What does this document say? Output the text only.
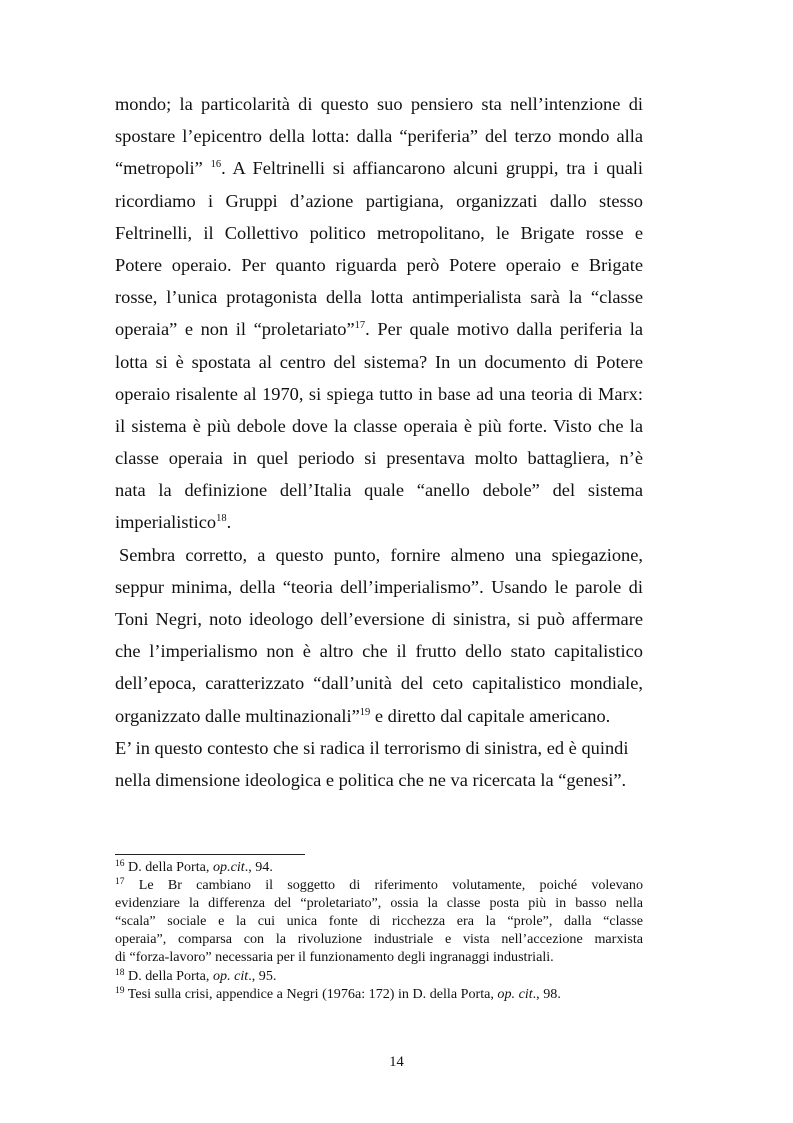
mondo; la particolarità di questo suo pensiero sta nell’intenzione di
spostare l’epicentro della lotta: dalla “periferia” del terzo mondo alla
“metropoli” $^{16}$. A Feltrinelli si affiancarono alcuni gruppi, tra i quali
ricordiamo i Gruppi d’azione partigiana, organizzati dallo stesso
Feltrinelli, il Collettivo politico metropolitano, le Brigate rosse e
Potere operaio. Per quanto riguarda però Potere operaio e Brigate
rosse, l’unica protagonista della lotta antimperialista sarà la “classe
operaia” e non il “proletariato”$^{17}$. Per quale motivo dalla periferia la
lotta si è spostata al centro del sistema? In un documento di Potere
operaio risalente al 1970, si spiega tutto in base ad una teoria di Marx:
il sistema è più debole dove la classe operaia è più forte. Visto che la
classe operaia in quel periodo si presentava molto battagliera, n’è
nata la definizione dell’Italia quale “anello debole” del sistema
imperialistico$^{18}$.
Sembra corretto, a questo punto, fornire almeno una spiegazione,
seppur minima, della “teoria dell’imperialismo”. Usando le parole di
Toni Negri, noto ideologo dell’eversione di sinistra, si può affermare
che l’imperialismo non è altro che il frutto dello stato capitalistico
dell’epoca, caratterizzato “dall’unità del ceto capitalistico mondiale,
organizzato dalle multinazionali”$^{19}$ e diretto dal capitale americano.
E’ in questo contesto che si radica il terrorismo di sinistra, ed è quindi
nella dimensione ideologica e politica che ne va ricercata la “genesi”.
$^{16}$ D. della Porta, op.cit., 94.
$^{17}$ Le Br cambiano il soggetto di riferimento volutamente, poiché volevano
evidenziare la differenza del “proletariato”, ossia la classe posta più in basso nella
“scala” sociale e la cui unica fonte di ricchezza era la “prole”, dalla “classe
operaia”, comparsa con la rivoluzione industriale e vista nell’accezione marxista
di “forza-lavoro” necessaria per il funzionamento degli ingranaggi industriali.
$^{18}$ D. della Porta, op. cit., 95.
$^{19}$ Tesi sulla crisi, appendice a Negri (1976a: 172) in D. della Porta, op. cit., 98.
14
